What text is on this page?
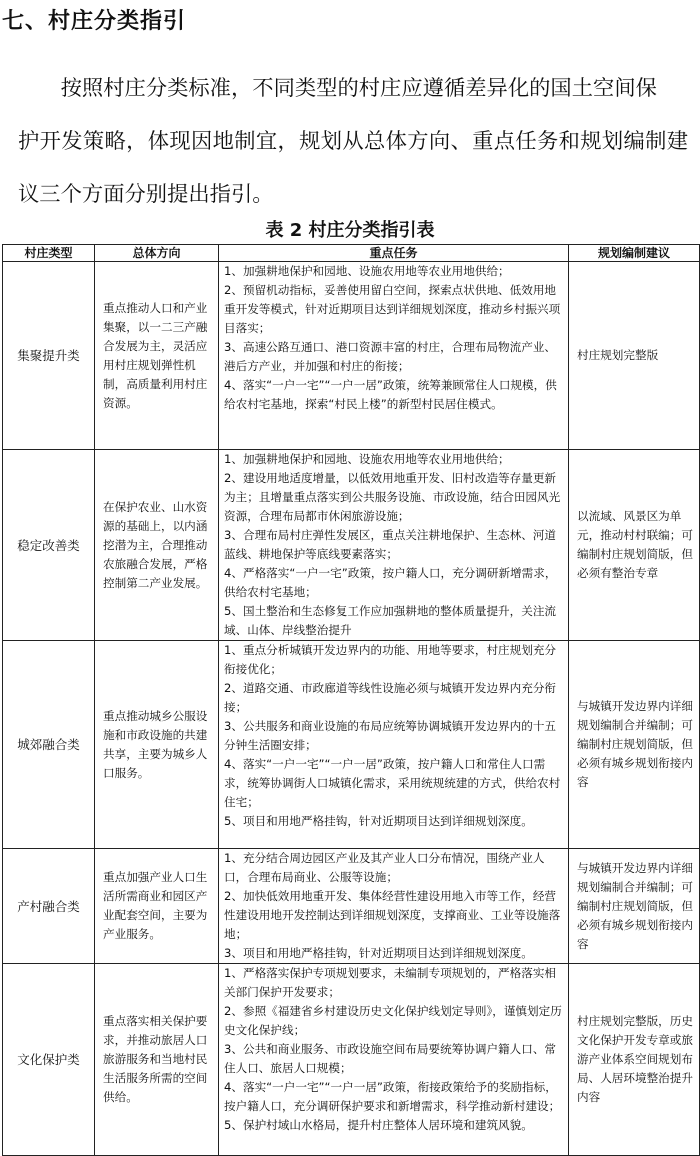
七、村庄分类指引
按照村庄分类标准，不同类型的村庄应遵循差异化的国土空间保
护开发策略，体现因地制宜，规划从总体方向、重点任务和规划编制建议三个方面分别提出指引。
表 2 村庄分类指引表
村庄类型	总体方向	重点任务	规划编制建议
集聚提升类	重点推动人口和产业集聚，以一二三产融合发展为主，灵活应用村庄规划弹性机制，高质量利用村庄资源。	1、加强耕地保护和园地、设施农用地等农业用地供给；

2、预留机动指标，妥善使用留白空间，探索点状供地、低效用地重开发等模式，针对近期项目达到详细规划深度，推动乡村振兴项目落实；

3、高速公路互通口、港口资源丰富的村庄，合理布局物流产业、港后方产业，并加强和村庄的衔接；

4、落实“一户一宅”“一户一居”政策，统筹兼顾常住人口规模，供给农村宅基地，探索“村民上楼”的新型村民居住模式。	村庄规划完整版
稳定改善类	在保护农业、山水资源的基础上，以内涵挖潜为主，合理推动农旅融合发展，严格控制第二产业发展。	1、加强耕地保护和园地、设施农用地等农业用地供给；

2、建设用地适度增量，以低效用地重开发、旧村改造等存量更新为主；且增量重点落实到公共服务设施、市政设施，结合田园风光资源，合理布局都市休闲旅游设施；

3、合理布局村庄弹性发展区，重点关注耕地保护、生态林、河道蓝线、耕地保护等底线要素落实；

4、严格落实“一户一宅”政策，按户籍人口，充分调研新增需求，供给农村宅基地；

5、国土整治和生态修复工作应加强耕地的整体质量提升，关注流域、山体、岸线整治提升	以流域、风景区为单元，推动村村联编；可编制村庄规划简版，但必须有整治专章
城郊融合类	重点推动城乡公服设施和市政设施的共建共享，主要为城乡人口服务。	1、重点分析城镇开发边界内的功能、用地等要求，村庄规划充分衔接优化；

2、道路交通、市政廊道等线性设施必须与城镇开发边界内充分衔接；

3、公共服务和商业设施的布局应统筹协调城镇开发边界内的十五分钟生活圈安排；

4、落实“一户一宅”“一户一居”政策，按户籍人口和常住人口需求，统筹协调街人口城镇化需求，采用统规统建的方式，供给农村住宅；

5、项目和用地严格挂钩，针对近期项目达到详细规划深度。	与城镇开发边界内详细规划编制合并编制；可编制村庄规划简版，但必须有城乡规划衔接内容
产村融合类	重点加强产业人口生活所需商业和园区产业配套空间，主要为产业服务。	1、充分结合周边园区产业及其产业人口分布情况，围绕产业人口，合理布局商业、公服等设施；

2、加快低效用地重开发、集体经营性建设用地入市等工作，经营性建设用地开发控制达到详细规划深度，支撑商业、工业等设施落地；

3、项目和用地严格挂钩，针对近期项目达到详细规划深度。	与城镇开发边界内详细规划编制合并编制；可编制村庄规划简版，但必须有城乡规划衔接内容
文化保护类	重点落实相关保护要求，并推动旅居人口旅游服务和当地村民生活服务所需的空间供给。	1、严格落实保护专项规划要求，未编制专项规划的，严格落实相关部门保护开发要求；

2、参照《福建省乡村建设历史文化保护线划定导则》，谨慎划定历史文化保护线；

3、公共和商业服务、市政设施空间布局要统筹协调户籍人口、常住人口、旅居人口规模；

4、落实“一户一宅”“一户一居”政策，衔接政策给予的奖励指标，按户籍人口，充分调研保护要求和新增需求，科学推动新村建设；

5、保护村域山水格局，提升村庄整体人居环境和建筑风貌。	村庄规划完整版，历史文化保护开发专章或旅游产业体系空间规划布局、人居环境整治提升内容
